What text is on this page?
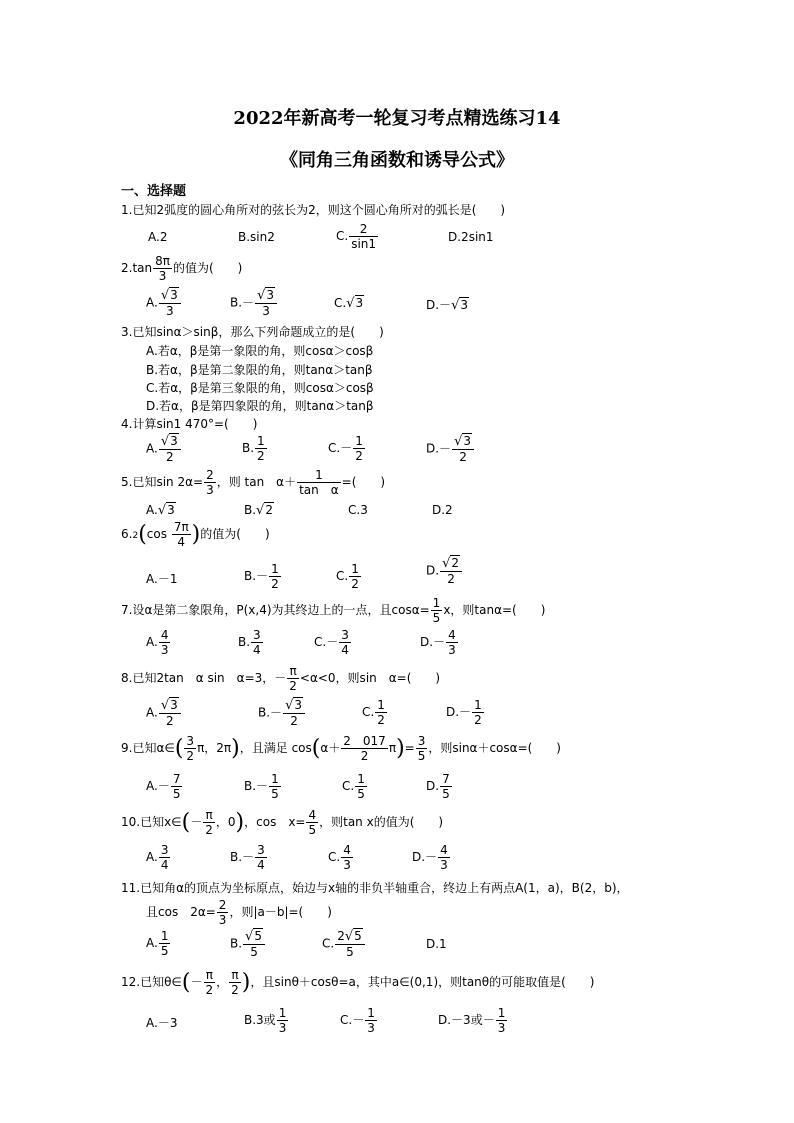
2022年新高考一轮复习考点精选练习14
《同角三角函数和诱导公式》
一、选择题
1.已知2弧度的圆心角所对的弦长为2，则这个圆心角所对的弧长是(　　)
A.2	B.sin2	C. $\frac{2}{\sin 1}$	D.2sin1
$2.\tan \frac{8\pi}{3}$ 的值为(　　)
A. $\frac{√3}{3}$	$B.- \frac{√3}{3}$	C.√3	D.－√3
3.已知sinα＞sinβ，那么下列命题成立的是(　　)
A.若α，β是第一象限的角，则cosα＞cosβ
B.若α，β是第二象限的角，则tanα＞tanβ
C.若α，β是第三象限的角，则cosα＞cosβ
D.若α，β是第四象限的角，则tanα＞tanβ
4.计算sin1 470°=(　　)
A. $\frac{√3}{2}$	B. $\frac{1}{2}$	$C.- \frac{1}{2}$	$D.- \frac{√3}{2}$
5.已知$\sin 2\alpha= \frac{2}{3}$ ，则 tan　$\alpha+ \frac{1}{\text{tan　α}}$ =(　　)
A.√3	B.√2	C.3	D.2
$6.2(\cos \frac{7\pi}{4}$ )的值为(　　)
A.－1	$B.- \frac{1}{2}$	C. $\frac{1}{2}$	D. $\frac{√2}{2}$
7.设α是第二象限角，P(x,4)为其终边上的一点，且$\cos\alpha= \frac{1}{5}$ x，则tanα=(　　)
A. $\frac{4}{3}$	B. $\frac{3}{4}$	$C.- \frac{3}{4}$	$D.- \frac{4}{3}$
8.已知2tan　α sin　α=3，－ $\frac{\pi}{2} <\alpha<0$，则sin　α=(　　)
A. $\frac{√3}{2}$	$B.- \frac{√3}{2}$	C. $\frac{1}{2}$	$D.- \frac{1}{2}$
9.已知α∈( $\frac{3}{2}$ π，2π)，且满足 $\cos(\alpha+ \frac{2 017}{2} \pi)= \frac{3}{5}$ ，则sinα＋cosα=(　　)
$A.- \frac{7}{5}$	$B.- \frac{1}{5}$	C. $\frac{1}{5}$	D. $\frac{7}{5}$
10.已知x∈(－ $\frac{\pi}{2}$ ，0)，cos　$x= \frac{4}{5}$ ，则tan x的值为(　　)
A. $\frac{3}{4}$	$B.- \frac{3}{4}$	C. $\frac{4}{3}$	$D.- \frac{4}{3}$
11.已知角α的顶点为坐标原点，始边与x轴的非负半轴重合，终边上有两点A(1，a)，B(2，b)，
且cos　$2\alpha= \frac{2}{3}$ ，则|a－b|=(　　)
A. $\frac{1}{5}$	B. $\frac{√5}{5}$	C. $\frac{2√5}{5}$	D.1
12.已知θ∈(－ $\frac{\pi}{2}$ ， $\frac{\pi}{2}$ )，且sinθ＋cosθ=a，其中a∈(0,1)，则tanθ的可能取值是(　　)
A.－3	B.3或 $\frac{1}{3}$	$C.- \frac{1}{3}$	D.－3或－ $\frac{1}{3}$
